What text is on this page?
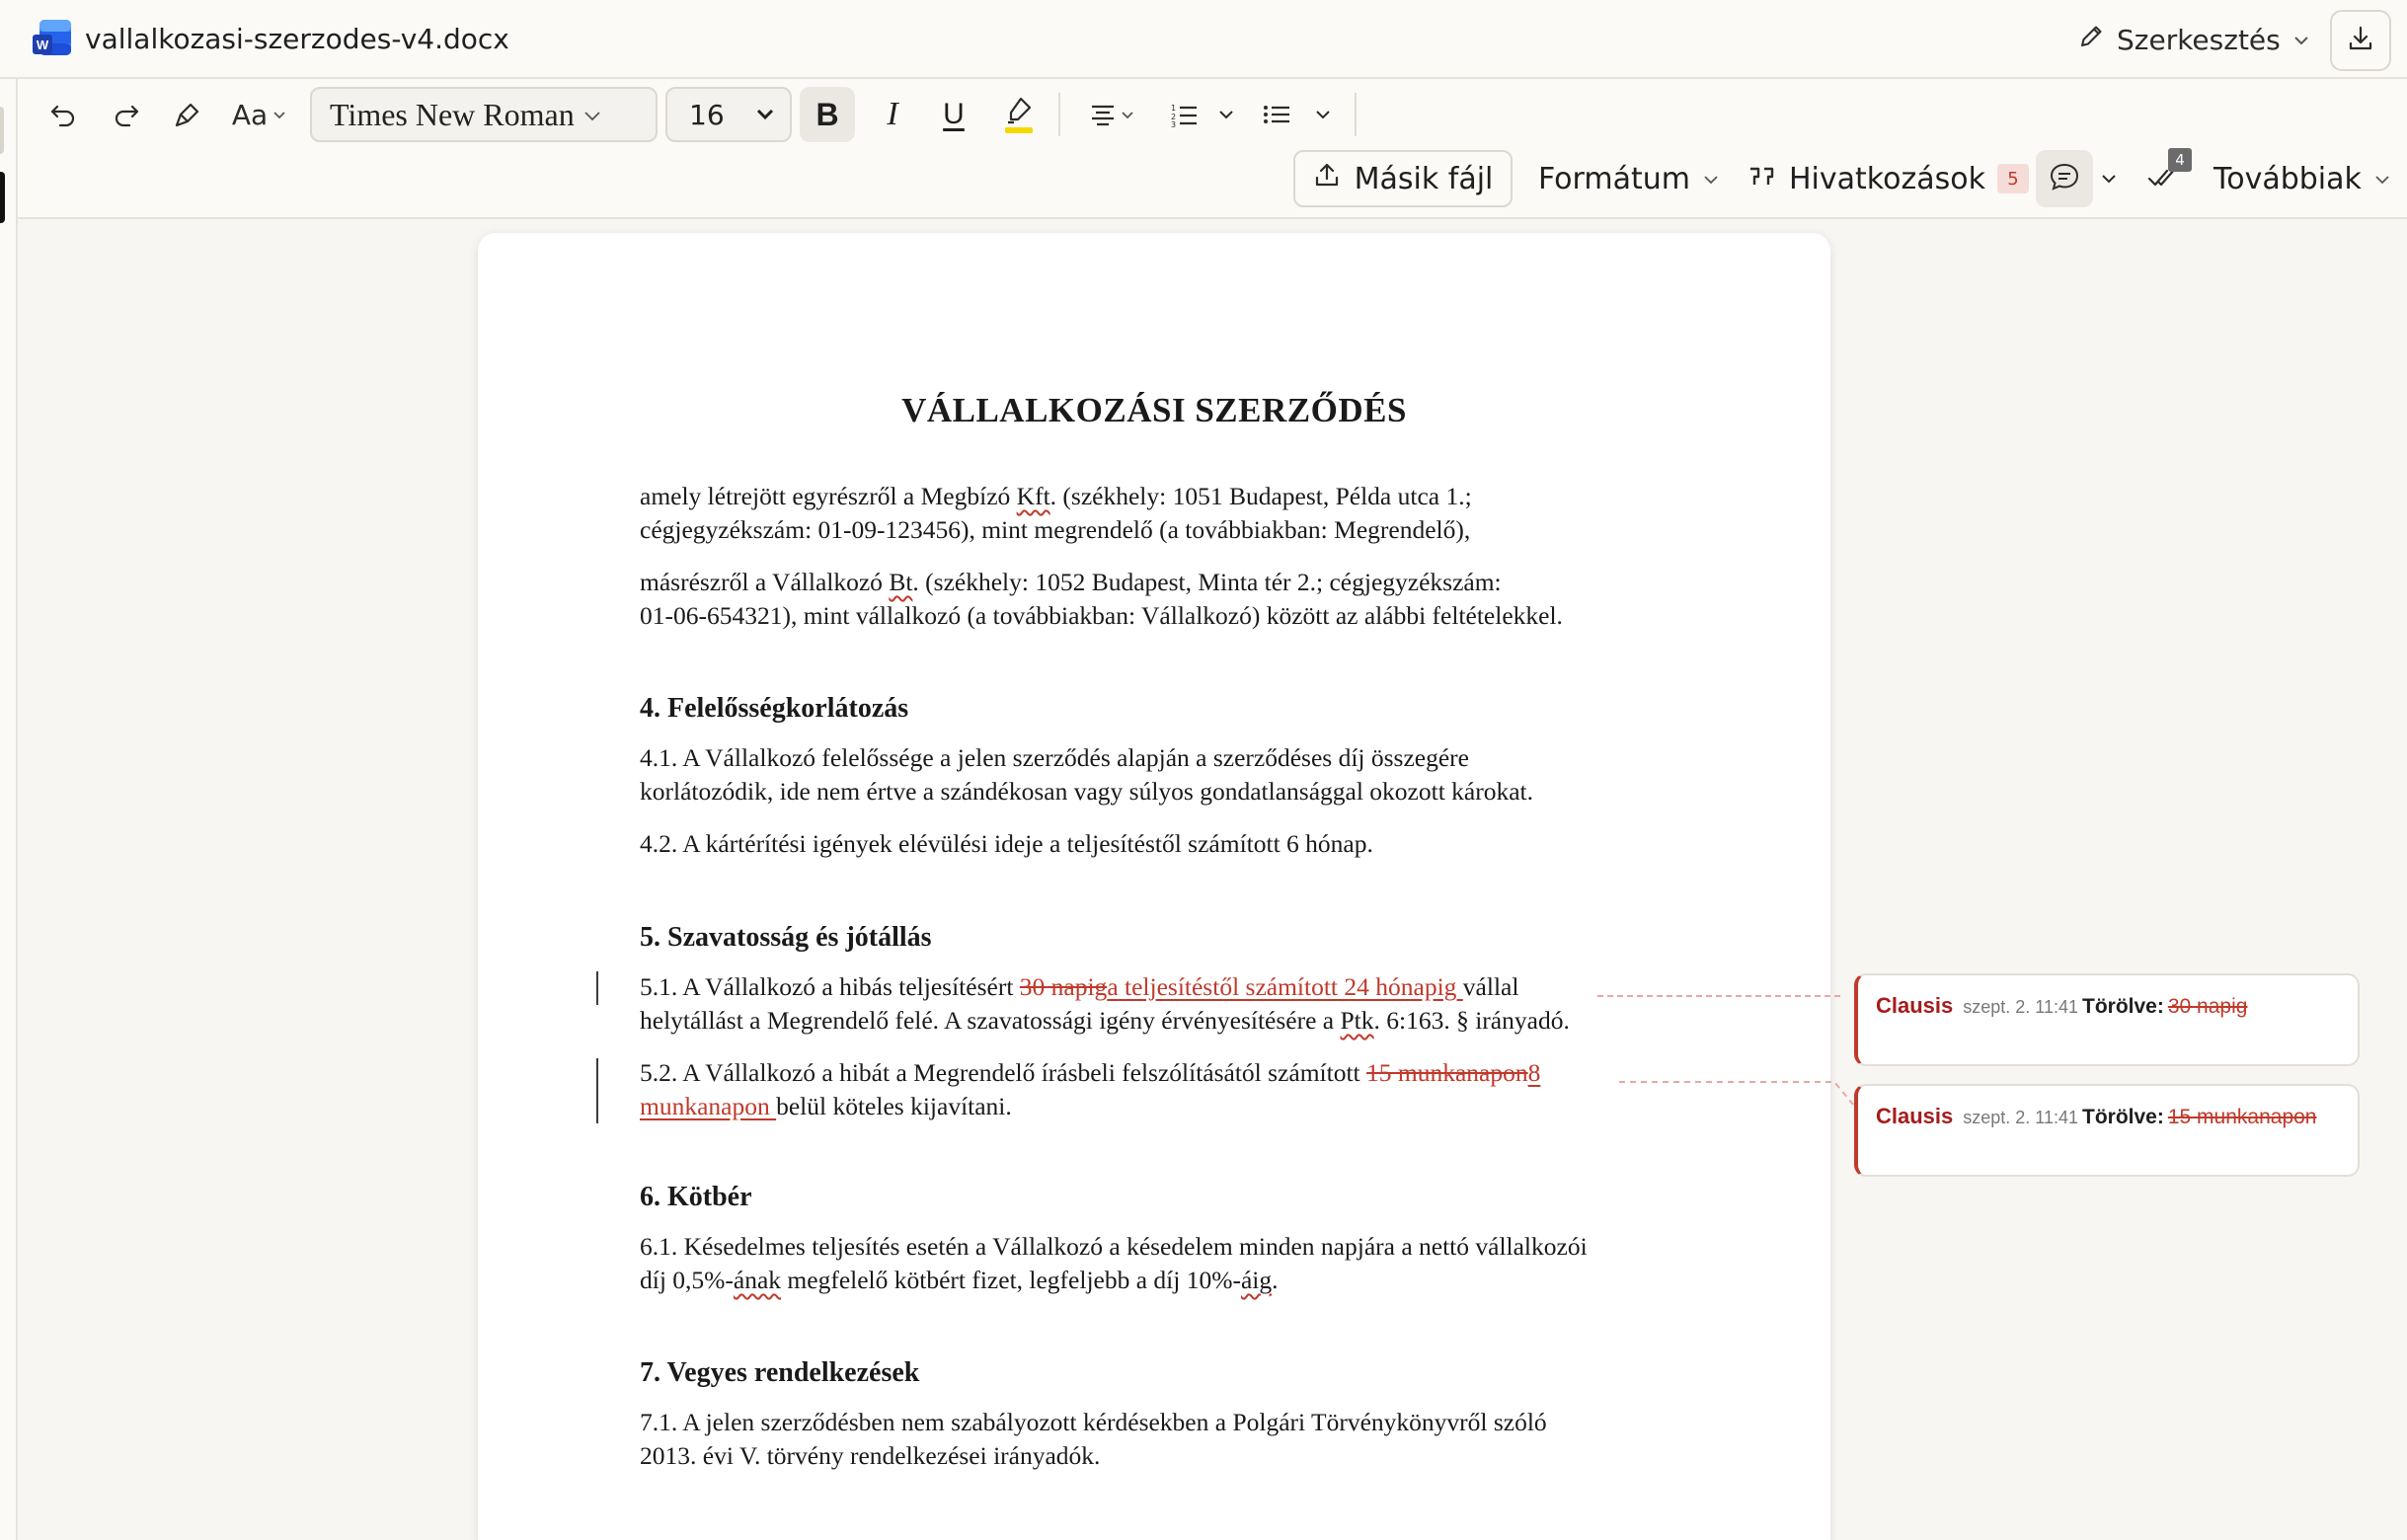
W vallalkozasi-szerzodes-v4.docx	Szerkesztés
Aa Times New Roman	16	B	I	U	1
2
3
Másik fájl Formátum	Hivatkozások	5
4
Továbbiak
VÁLLALKOZÁSI SZERZŐDÉS
amely létrejött egyrészről a Megbízó Kft. (székhely: 1051 Budapest, Példa utca 1.;
cégjegyzékszám: 01-09-123456), mint megrendelő (a továbbiakban: Megrendelő),
másrészről a Vállalkozó Bt. (székhely: 1052 Budapest, Minta tér 2.; cégjegyzékszám:
01-06-654321), mint vállalkozó (a továbbiakban: Vállalkozó) között az alábbi feltételekkel.
4. Felelősségkorlátozás
4.1. A Vállalkozó felelőssége a jelen szerződés alapján a szerződéses díj összegére
korlátozódik, ide nem értve a szándékosan vagy súlyos gondatlansággal okozott károkat.
4.2. A kártérítési igények elévülési ideje a teljesítéstől számított 6 hónap.
5. Szavatosság és jótállás
5.1. A Vállalkozó a hibás teljesítésért 30 napiga teljesítéstől számított 24 hónapig vállal
helytállást a Megrendelő felé. A szavatossági igény érvényesítésére a Ptk. 6:163. § irányadó.
5.2. A Vállalkozó a hibát a Megrendelő írásbeli felszólításától számított 15 munkanapon8
munkanapon belül köteles kijavítani.
6. Kötbér
6.1. Késedelmes teljesítés esetén a Vállalkozó a késedelem minden napjára a nettó vállalkozói
díj 0,5%-ának megfelelő kötbért fizet, legfeljebb a díj 10%-áig.
7. Vegyes rendelkezések
7.1. A jelen szerződésben nem szabályozott kérdésekben a Polgári Törvénykönyvről szóló
2013. évi V. törvény rendelkezései irányadók.
Clausis szept. 2. 11:41 Törölve: 30 napig
Clausis szept. 2. 11:41 Törölve: 15 munkanapon
